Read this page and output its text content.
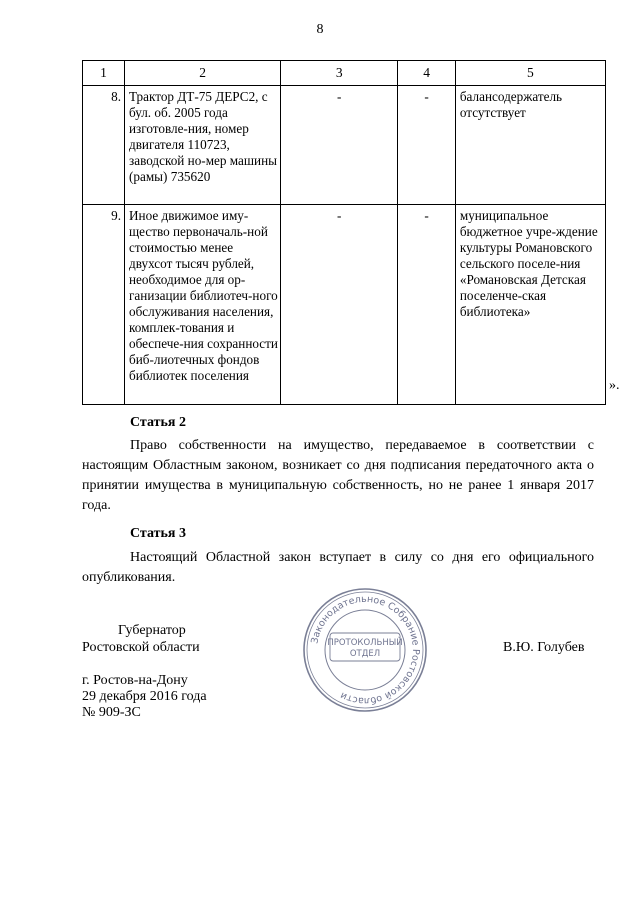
8
1	2	3	4	5
8.	Трактор ДТ-75 ДЕРС2, с бул. об. 2005 года изготовле-ния, номер двигателя 110723, заводской но-мер машины (рамы) 735620	-	-	балансодержатель отсутствует
9.	Иное движимое иму-щество первоначаль-ной стоимостью менее двухсот тысяч рублей, необходимое для ор-ганизации библиотеч-ного обслуживания населения, комплек-тования и обеспече-ния сохранности биб-лиотечных фондов библиотек поселения	-	-	муниципальное бюджетное учре-ждение культуры Романовского сельского поселе-ния «Романовская Детская поселенче-ская библиотека»
».
Статья 2
Право собственности на имущество, передаваемое в соответствии с настоящим Областным законом, возникает со дня подписания передаточного акта о принятии имущества в муниципальную собственность, но не ранее 1 января 2017 года.
Статья 3
Настоящий Областной закон вступает в силу со дня его официального опубликования.
Губернатор
Ростовской области	В.Ю. Голубев
г. Ростов-на-Дону
29 декабря 2016 года
№ 909-ЗС
Законодательное Собрание Ростовской области
ПРОТОКОЛЬНЫЙ
ОТДЕЛ
